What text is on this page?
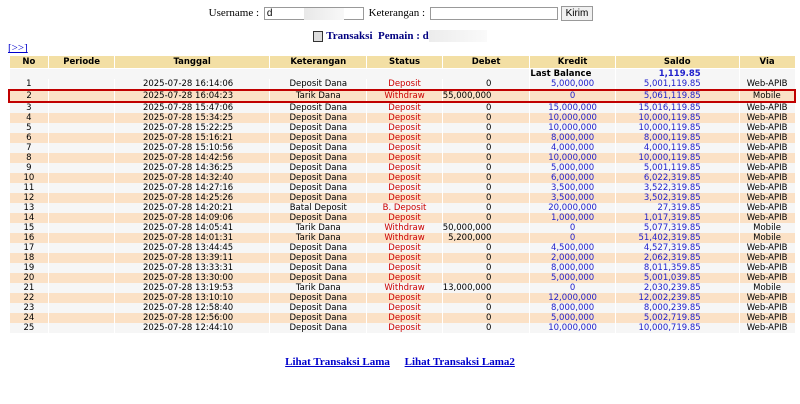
Username : d	Keterangan :	Kirim
Transaksi Pemain : d
[>>]
No	Periode	Tanggal	Keterangan	Status	Debet	Kredit	Saldo	Via
						Last Balance	1,119.85	
1		2025-07-28 16:14:06	Deposit Dana	Deposit	0	5,000,000	5,001,119.85	Web-APIB
2		2025-07-28 16:04:23	Tarik Dana	Withdraw	55,000,000	0	5,061,119.85	Mobile
3		2025-07-28 15:47:06	Deposit Dana	Deposit	0	15,000,000	15,016,119.85	Web-APIB
4		2025-07-28 15:34:25	Deposit Dana	Deposit	0	10,000,000	10,000,119.85	Web-APIB
5		2025-07-28 15:22:25	Deposit Dana	Deposit	0	10,000,000	10,000,119.85	Web-APIB
6		2025-07-28 15:16:21	Deposit Dana	Deposit	0	8,000,000	8,000,119.85	Web-APIB
7		2025-07-28 15:10:56	Deposit Dana	Deposit	0	4,000,000	4,000,119.85	Web-APIB
8		2025-07-28 14:42:56	Deposit Dana	Deposit	0	10,000,000	10,000,119.85	Web-APIB
9		2025-07-28 14:36:25	Deposit Dana	Deposit	0	5,000,000	5,001,119.85	Web-APIB
10		2025-07-28 14:32:40	Deposit Dana	Deposit	0	6,000,000	6,022,319.85	Web-APIB
11		2025-07-28 14:27:16	Deposit Dana	Deposit	0	3,500,000	3,522,319.85	Web-APIB
12		2025-07-28 14:25:26	Deposit Dana	Deposit	0	3,500,000	3,502,319.85	Web-APIB
13		2025-07-28 14:20:21	Batal Deposit	B. Deposit	0	20,000,000	27,319.85	Web-APIB
14		2025-07-28 14:09:06	Deposit Dana	Deposit	0	1,000,000	1,017,319.85	Web-APIB
15		2025-07-28 14:05:41	Tarik Dana	Withdraw	50,000,000	0	5,077,319.85	Mobile
16		2025-07-28 14:01:31	Tarik Dana	Withdraw	5,200,000	0	51,402,319.85	Mobile
17		2025-07-28 13:44:45	Deposit Dana	Deposit	0	4,500,000	4,527,319.85	Web-APIB
18		2025-07-28 13:39:11	Deposit Dana	Deposit	0	2,000,000	2,062,319.85	Web-APIB
19		2025-07-28 13:33:31	Deposit Dana	Deposit	0	8,000,000	8,011,359.85	Web-APIB
20		2025-07-28 13:30:00	Deposit Dana	Deposit	0	5,000,000	5,001,039.85	Web-APIB
21		2025-07-28 13:19:53	Tarik Dana	Withdraw	13,000,000	0	2,030,239.85	Mobile
22		2025-07-28 13:10:10	Deposit Dana	Deposit	0	12,000,000	12,002,239.85	Web-APIB
23		2025-07-28 12:58:40	Deposit Dana	Deposit	0	8,000,000	8,000,239.85	Web-APIB
24		2025-07-28 12:56:00	Deposit Dana	Deposit	0	5,000,000	5,002,719.85	Web-APIB
25		2025-07-28 12:44:10	Deposit Dana	Deposit	0	10,000,000	10,000,719.85	Web-APIB
Lihat Transaksi Lama Lihat Transaksi Lama2
